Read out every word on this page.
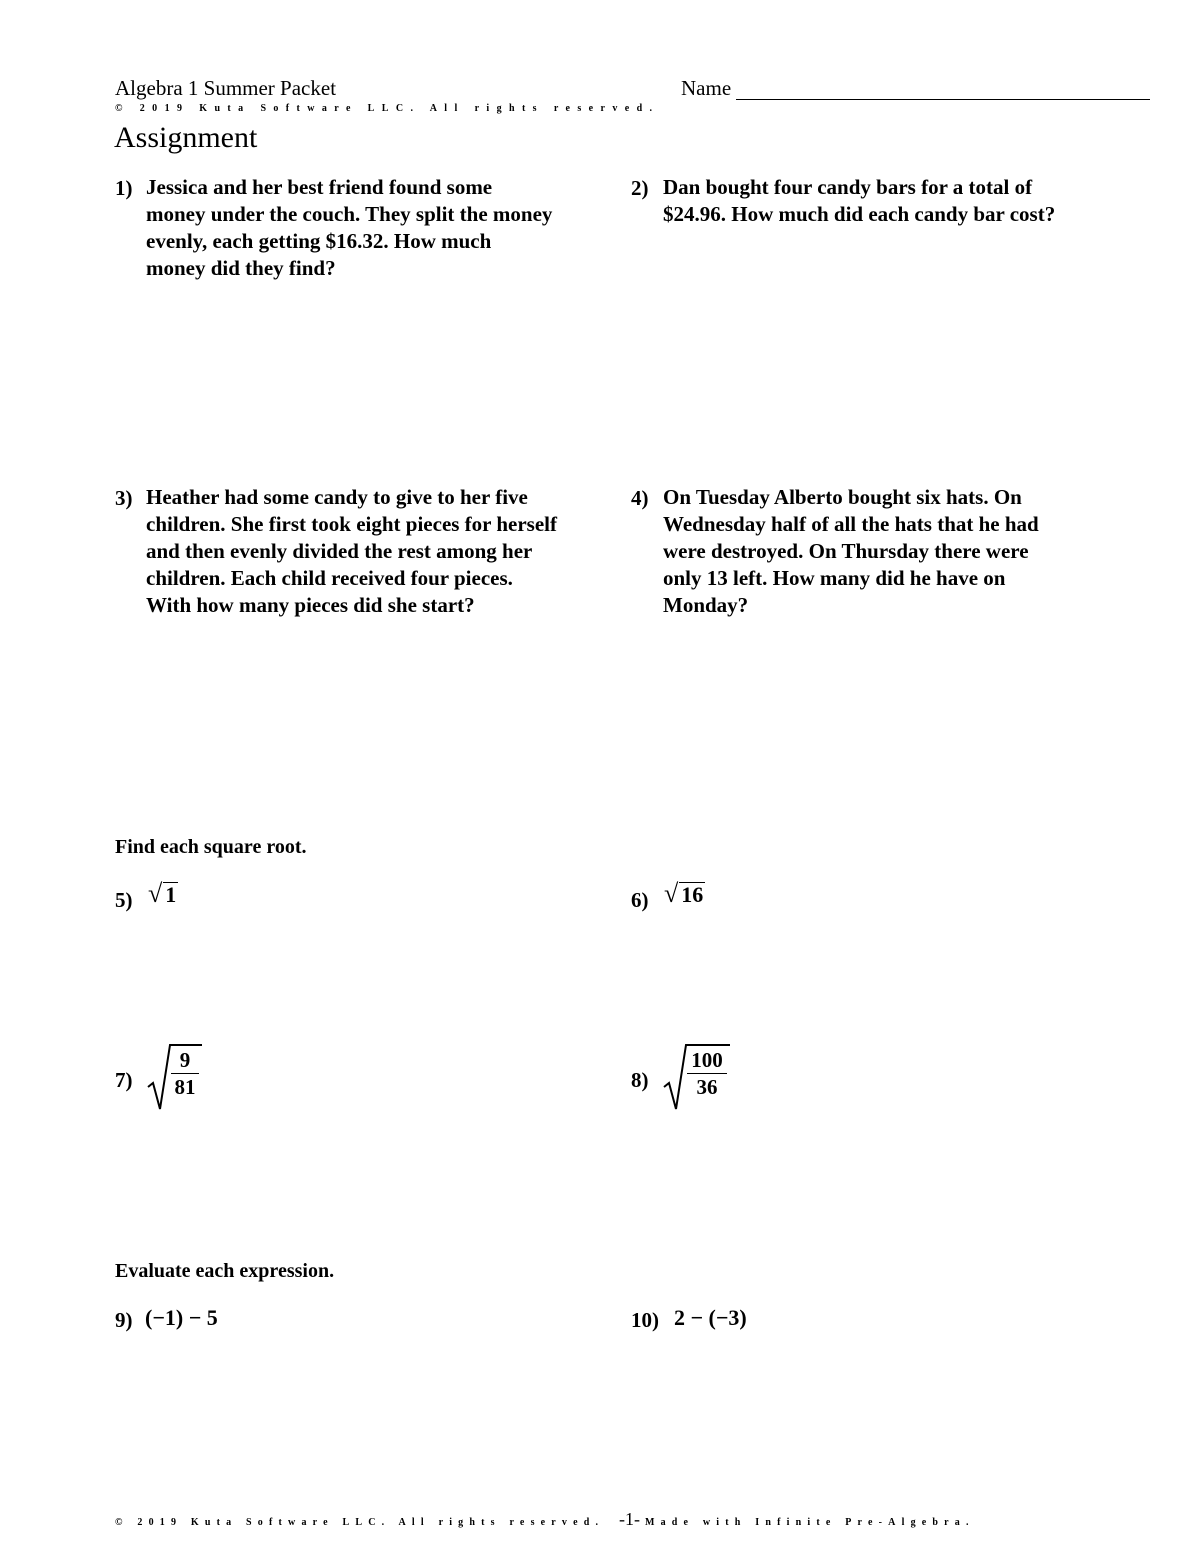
Algebra 1 Summer Packet	Name
© 2019 Kuta Software LLC. All rights reserved.
Assignment
1) Jessica and her best friend found some money under the couch. They split the money evenly, each getting $16.32. How much money did they find?
2) Dan bought four candy bars for a total of $24.96. How much did each candy bar cost?
3) Heather had some candy to give to her five children. She first took eight pieces for herself and then evenly divided the rest among her children. Each child received four pieces. With how many pieces did she start?
4) On Tuesday Alberto bought six hats. On Wednesday half of all the hats that he had were destroyed. On Thursday there were only 13 left. How many did he have on Monday?
Find each square root.
5) √ 1	6) √ 16
7)
9
81	8)
100
36
Evaluate each expression.
9) (−1) − 5	10) 2 − (−3)
© 2019 Kuta Software LLC. All rights reserved.	Made with Infinite Pre-Algebra.
-1-
